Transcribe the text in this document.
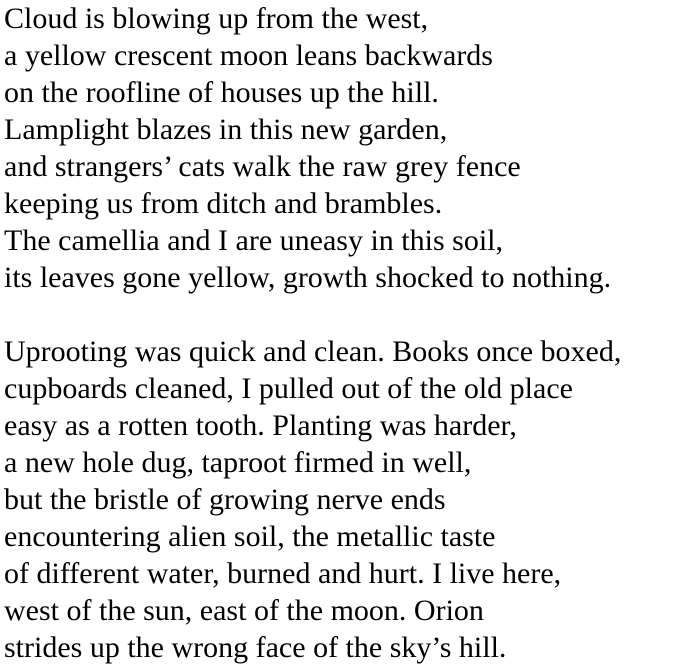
Cloud is blowing up from the west,
a yellow crescent moon leans backwards
on the roofline of houses up the hill.
Lamplight blazes in this new garden,
and strangers’ cats walk the raw grey fence
keeping us from ditch and brambles.
The camellia and I are uneasy in this soil,
its leaves gone yellow, growth shocked to nothing.
Uprooting was quick and clean. Books once boxed,
cupboards cleaned, I pulled out of the old place
easy as a rotten tooth. Planting was harder,
a new hole dug, taproot firmed in well,
but the bristle of growing nerve ends
encountering alien soil, the metallic taste
of different water, burned and hurt. I live here,
west of the sun, east of the moon. Orion
strides up the wrong face of the sky’s hill.
